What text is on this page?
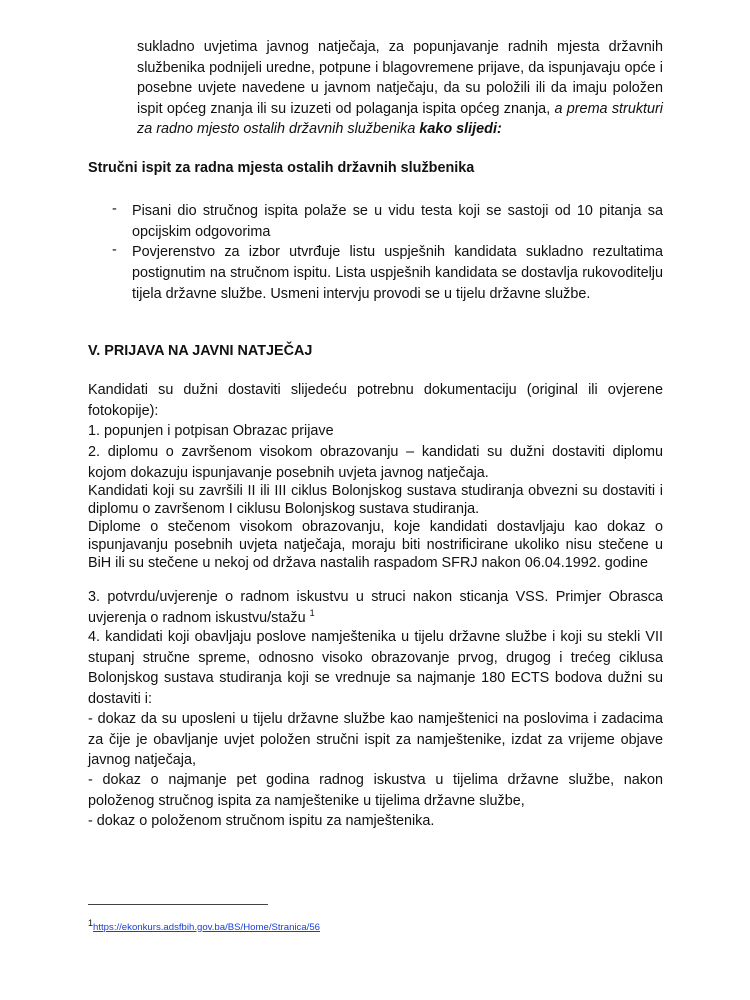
sukladno uvjetima javnog natječaja, za popunjavanje radnih mjesta državnih službenika podnijeli uredne, potpune i blagovremene prijave, da ispunjavaju opće i posebne uvjete navedene u javnom natječaju, da su položili ili da imaju položen ispit općeg znanja ili su izuzeti od polaganja ispita općeg znanja, a prema strukturi za radno mjesto ostalih državnih službenika kako slijedi:

Stručni ispit za radna mjesta ostalih državnih službenika

- Pisani dio stručnog ispita polaže se u vidu testa koji se sastoji od 10 pitanja sa opcijskim odgovorima

- Povjerenstvo za izbor utvrđuje listu uspješnih kandidata sukladno rezultatima postignutim na stručnom ispitu. Lista uspješnih kandidata se dostavlja rukovoditelju tijela državne službe. Usmeni intervju provodi se u tijelu državne službe.

V. PRIJAVA NA JAVNI NATJEČAJ

Kandidati su dužni dostaviti slijedeću potrebnu dokumentaciju (original ili ovjerene fotokopije):

1. popunjen i potpisan Obrazac prijave

2. diplomu o završenom visokom obrazovanju – kandidati su dužni dostaviti diplomu kojom dokazuju ispunjavanje posebnih uvjeta javnog natječaja.

Kandidati koji su završili II ili III ciklus Bolonjskog sustava studiranja obvezni su dostaviti i diplomu o završenom I ciklusu Bolonjskog sustava studiranja.

Diplome o stečenom visokom obrazovanju, koje kandidati dostavljaju kao dokaz o ispunjavanju posebnih uvjeta natječaja, moraju biti nostrificirane ukoliko nisu stečene u BiH ili su stečene u nekoj od država nastalih raspadom SFRJ nakon 06.04.1992. godine

3. potvrdu/uvjerenje o radnom iskustvu u struci nakon sticanja VSS. Primjer Obrasca uvjerenja o radnom iskustvu/stažu $^1$

4. kandidati koji obavljaju poslove namještenika u tijelu državne službe i koji su stekli VII stupanj stručne spreme, odnosno visoko obrazovanje prvog, drugog i trećeg ciklusa Bolonjskog sustava studiranja koji se vrednuje sa najmanje 180 ECTS bodova dužni su dostaviti i:

- dokaz da su uposleni u tijelu državne službe kao namještenici na poslovima i zadacima za čije je obavljanje uvjet položen stručni ispit za namještenike, izdat za vrijeme objave javnog natječaja,

- dokaz o najmanje pet godina radnog iskustva u tijelima državne službe, nakon položenog stručnog ispita za namještenike u tijelima državne službe,

- dokaz o položenom stručnom ispitu za namještenika.

$^1$https://ekonkurs.adsfbih.gov.ba/BS/Home/Stranica/56
